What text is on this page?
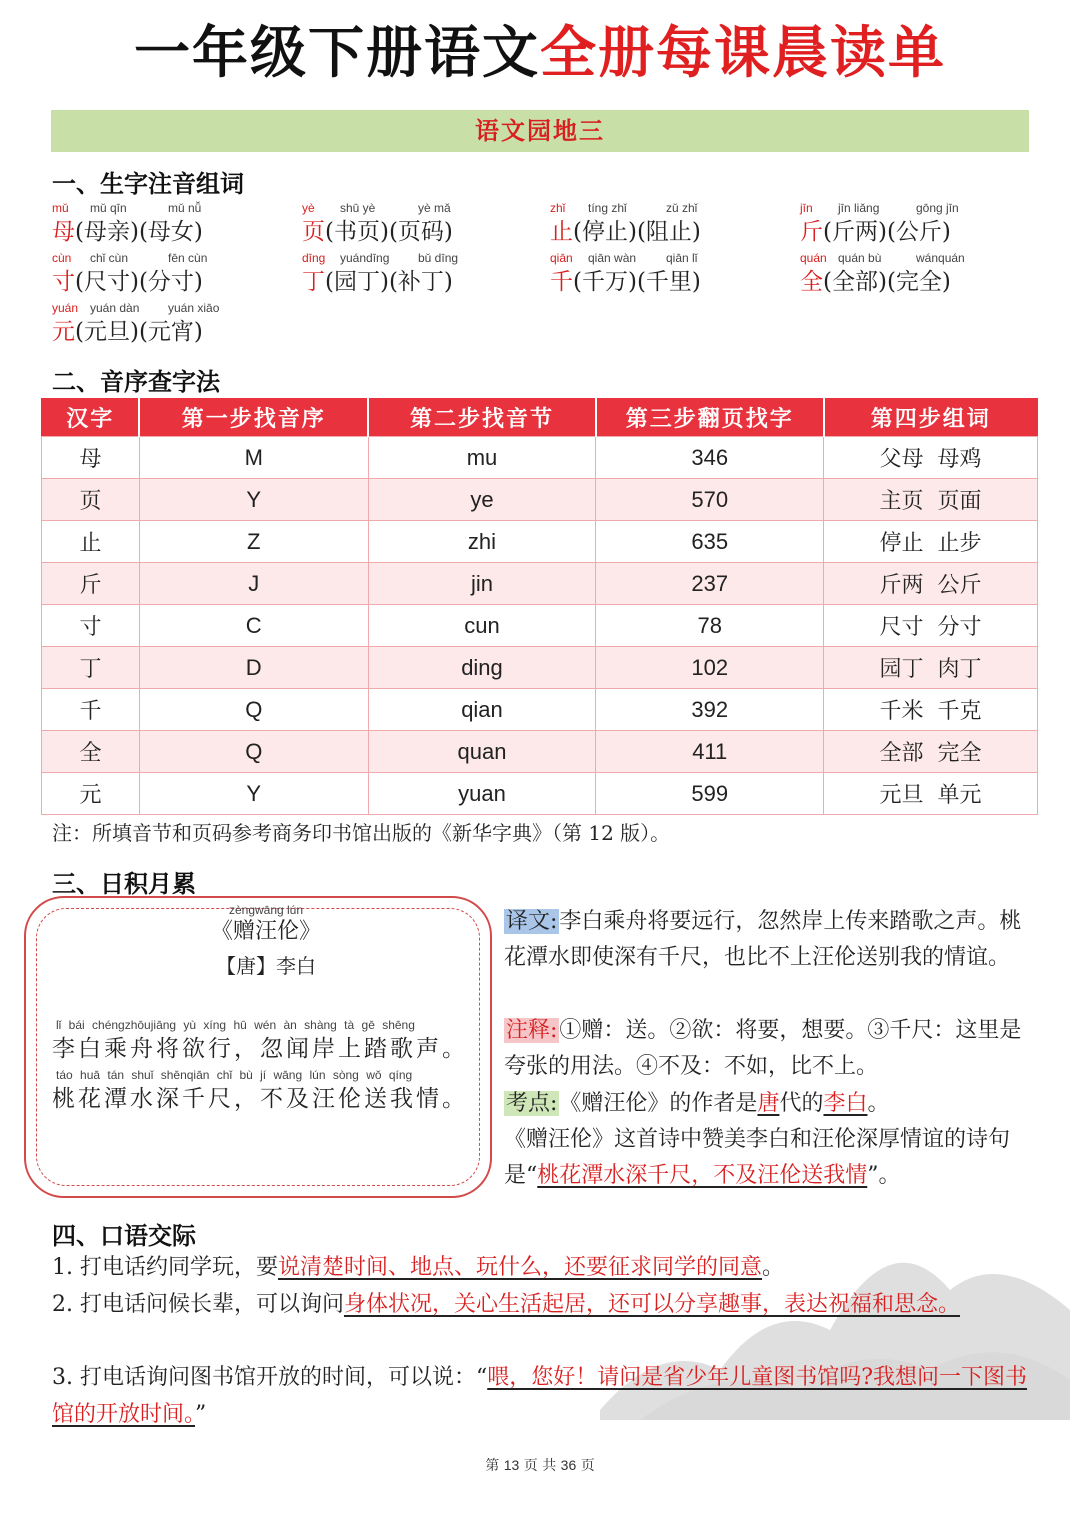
一年级下册语文全册每课晨读单
语文园地三
一、生字注音组词
mǔ mǔ qīn	mǔ nǚ
母(母亲)(母女)
yè shū yè	yè mǎ
页(书页)(页码)
zhǐ tíng zhǐ	zǔ zhǐ
止(停止)(阻止)
jīn jīn liǎng	gōng jīn
斤(斤两)(公斤)
cùn chǐ cùn	fēn cùn
寸(尺寸)(分寸)
dīng yuándīng bǔ dīng
丁(园丁)(补丁)
qiān qiān wàn qiān lǐ
千(千万)(千里)
quán quán bù	wánquán
全(全部)(完全)
yuán yuán dàn yuán xiāo
元(元旦)(元宵)
二、音序查字法
汉字	第一步找音序	第二步找音节	第三步翻页找字	第四步组词
母	M	mu	346	父母  母鸡
页	Y	ye	570	主页  页面
止	Z	zhi	635	停止  止步
斤	J	jin	237	斤两  公斤
寸	C	cun	78	尺寸  分寸
丁	D	ding	102	园丁  肉丁
千	Q	qian	392	千米  千克
全	Q	quan	411	全部  完全
元	Y	yuan	599	元旦  单元
注：所填音节和页码参考商务印书馆出版的《新华字典》（第 12 版）。
三、日积月累
zèngwāng lún
《赠汪伦》
【唐】李白
lǐ bái chéngzhōujiāng yù xíng hū wén àn shàng tà gē shēng
李白乘舟将欲行，忽闻岸上踏歌声。
táo huā tán shuǐ shēnqiān chǐ bù jí wāng lún sòng wǒ qíng
桃花潭水深千尺，不及汪伦送我情。
译文:李白乘舟将要远行，忽然岸上传来踏歌之声。桃花潭水即使深有千尺，也比不上汪伦送别我的情谊。
注释:①赠：送。②欲：将要，想要。③千尺：这里是夸张的用法。④不及：不如，比不上。
考点:《赠汪伦》的作者是唐代的李白。
《赠汪伦》这首诗中赞美李白和汪伦深厚情谊的诗句是“桃花潭水深千尺，不及汪伦送我情”。
四、口语交际
1. 打电话约同学玩，要说清楚时间、地点、玩什么，还要征求同学的同意。
2. 打电话问候长辈，可以询问身体状况，关心生活起居，还可以分享趣事，表达祝福和思念。
3. 打电话询问图书馆开放的时间，可以说：“喂，您好！请问是省少年儿童图书馆吗?我想问一下图书馆的开放时间。”
第 13 页 共 36 页
